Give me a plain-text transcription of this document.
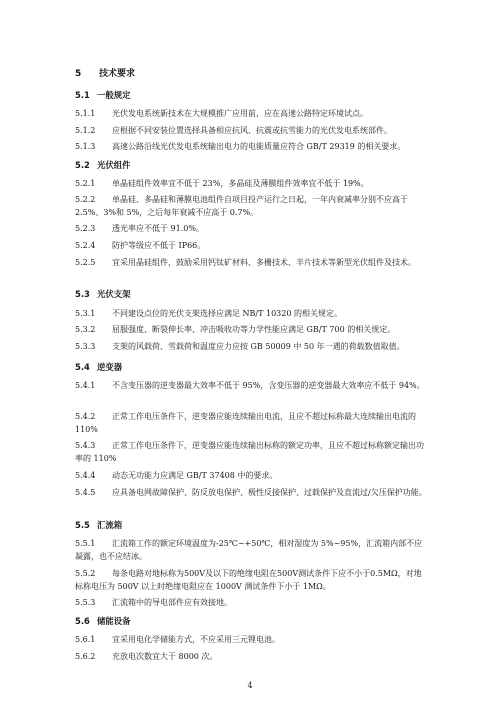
5 技术要求
5.1 一般规定
5.1.1	光伏发电系统新技术在大规模推广应用前，应在高速公路特定环境试点。
5.1.2	应根据不同安装位置选择具备相应抗风、抗震或抗雪能力的光伏发电系统部件。
5.1.3	高速公路沿线光伏发电系统输出电力的电能质量应符合 GB/T 29319 的相关要求。
5.2 光伏组件
5.2.1	单晶硅组件效率宜不低于 23%，多晶硅及薄膜组件效率宜不低于 19%。
5.2.2	单晶硅、多晶硅和薄膜电池组件自项目投产运行之日起，一年内衰减率分别不应高于 2.5%、3%和 5%，之后每年衰减不应高于 0.7%。
5.2.3	透光率应不低于 91.0%。
5.2.4	防护等级应不低于 IP66。
5.2.5	宜采用晶硅组件，鼓励采用钙钛矿材料、多栅技术、半片技术等新型光伏组件及技术。
5.3 光伏支架
5.3.1	不同建设点位的光伏支架选择应满足 NB/T 10320 的相关规定。
5.3.2	屈服强度、断裂伸长率、冲击吸收功等力学性能应满足 GB/T 700 的相关规定。
5.3.3	支架的风载荷、雪载荷和温度应力应按 GB 50009 中 50 年一遇的荷载数值取值。
5.4 逆变器
5.4.1	不含变压器的逆变器最大效率不低于 95%，含变压器的逆变器最大效率应不低于 94%。
5.4.2	正常工作电压条件下，逆变器应能连续输出电流，且应不超过标称最大连续输出电流的 110%
5.4.3	正常工作电压条件下，逆变器应能连续输出标称的额定功率，且应不超过标称额定输出功率的 110%
5.4.4	动态无功能力应满足 GB/T 37408 中的要求。
5.4.5	应具备电网故障保护、防反放电保护、极性反接保护、过载保护及直流过/欠压保护功能。
5.5 汇流箱
5.5.1	汇流箱工作的额定环境温度为-25℃~+50℃，相对湿度为 5%~95%，汇流箱内部不应凝露，也不应结冰。
5.5.2	每条电路对地标称为500V及以下的绝缘电阻在500V测试条件下应不小于0.5MΩ，对地标称电压为 500V 以上时绝缘电阻应在 1000V 测试条件下小于 1MΩ。
5.5.3	汇流箱中的导电部件应有效接地。
5.6 储能设备
5.6.1	宜采用电化学储能方式，不应采用三元锂电池。
5.6.2	充放电次数宜大于 8000 次。
4
